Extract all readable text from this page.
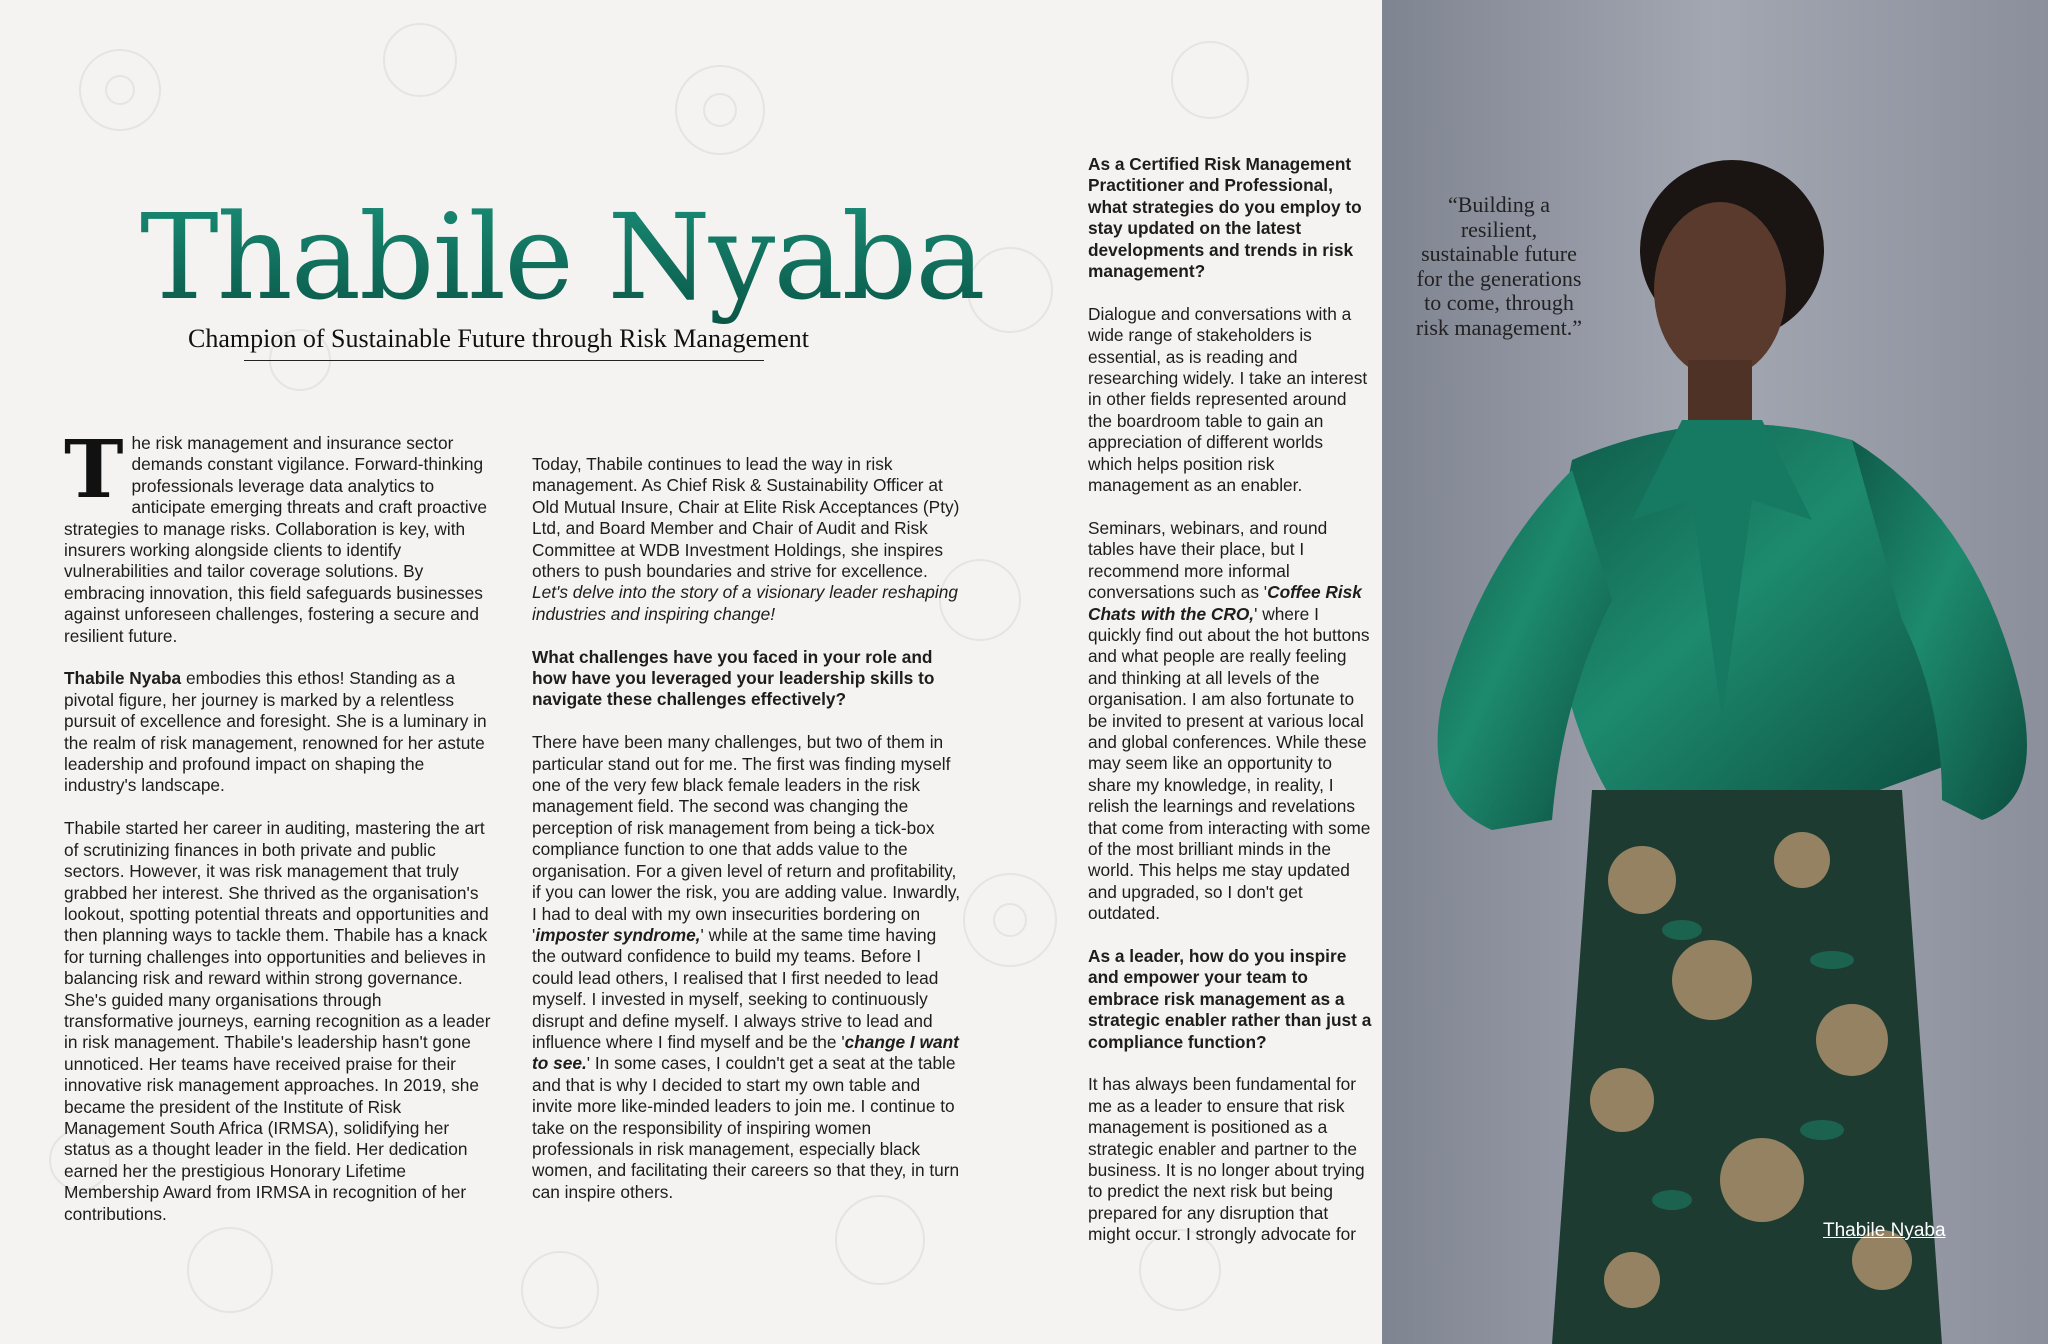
Thabile Nyaba
Champion of Sustainable Future through Risk Management

The risk management and insurance sector demands constant vigilance. Forward-thinking professionals leverage data analytics to anticipate emerging threats and craft proactive strategies to manage risks. Collaboration is key, with insurers working alongside clients to identify vulnerabilities and tailor coverage solutions. By embracing innovation, this field safeguards businesses against unforeseen challenges, fostering a secure and resilient future.

Thabile Nyaba embodies this ethos! Standing as a pivotal figure, her journey is marked by a relentless pursuit of excellence and foresight. She is a luminary in the realm of risk management, renowned for her astute leadership and profound impact on shaping the industry's landscape.

Thabile started her career in auditing, mastering the art of scrutinizing finances in both private and public sectors. However, it was risk management that truly grabbed her interest. She thrived as the organisation's lookout, spotting potential threats and opportunities and then planning ways to tackle them. Thabile has a knack for turning challenges into opportunities and believes in balancing risk and reward within strong governance. She's guided many organisations through transformative journeys, earning recognition as a leader in risk management. Thabile's leadership hasn't gone unnoticed. Her teams have received praise for their innovative risk management approaches. In 2019, she became the president of the Institute of Risk Management South Africa (IRMSA), solidifying her status as a thought leader in the field. Her dedication earned her the prestigious Honorary Lifetime Membership Award from IRMSA in recognition of her contributions.

Today, Thabile continues to lead the way in risk management. As Chief Risk & Sustainability Officer at Old Mutual Insure, Chair at Elite Risk Acceptances (Pty) Ltd, and Board Member and Chair of Audit and Risk Committee at WDB Investment Holdings, she inspires others to push boundaries and strive for excellence. Let's delve into the story of a visionary leader reshaping industries and inspiring change!

What challenges have you faced in your role and how have you leveraged your leadership skills to navigate these challenges effectively?

There have been many challenges, but two of them in particular stand out for me. The first was finding myself one of the very few black female leaders in the risk management field. The second was changing the perception of risk management from being a tick-box compliance function to one that adds value to the organisation. For a given level of return and profitability, if you can lower the risk, you are adding value. Inwardly, I had to deal with my own insecurities bordering on 'imposter syndrome,' while at the same time having the outward confidence to build my teams. Before I could lead others, I realised that I first needed to lead myself. I invested in myself, seeking to continuously disrupt and define myself. I always strive to lead and influence where I find myself and be the 'change I want to see.' In some cases, I couldn't get a seat at the table and that is why I decided to start my own table and invite more like-minded leaders to join me. I continue to take on the responsibility of inspiring women professionals in risk management, especially black women, and facilitating their careers so that they, in turn can inspire others.

As a Certified Risk Management Practitioner and Professional, what strategies do you employ to stay updated on the latest developments and trends in risk management?

Dialogue and conversations with a wide range of stakeholders is essential, as is reading and researching widely. I take an interest in other fields represented around the boardroom table to gain an appreciation of different worlds which helps position risk management as an enabler.

Seminars, webinars, and round tables have their place, but I recommend more informal conversations such as 'Coffee Risk Chats with the CRO,' where I quickly find out about the hot buttons and what people are really feeling and thinking at all levels of the organisation. I am also fortunate to be invited to present at various local and global conferences. While these may seem like an opportunity to share my knowledge, in reality, I relish the learnings and revelations that come from interacting with some of the most brilliant minds in the world. This helps me stay updated and upgraded, so I don't get outdated.

As a leader, how do you inspire and empower your team to embrace risk management as a strategic enabler rather than just a compliance function?

It has always been fundamental for me as a leader to ensure that risk management is positioned as a strategic enabler and partner to the business. It is no longer about trying to predict the next risk but being prepared for any disruption that might occur. I strongly advocate for

“Building a resilient, sustainable future for the generations to come, through risk management.”
Thabile Nyaba
